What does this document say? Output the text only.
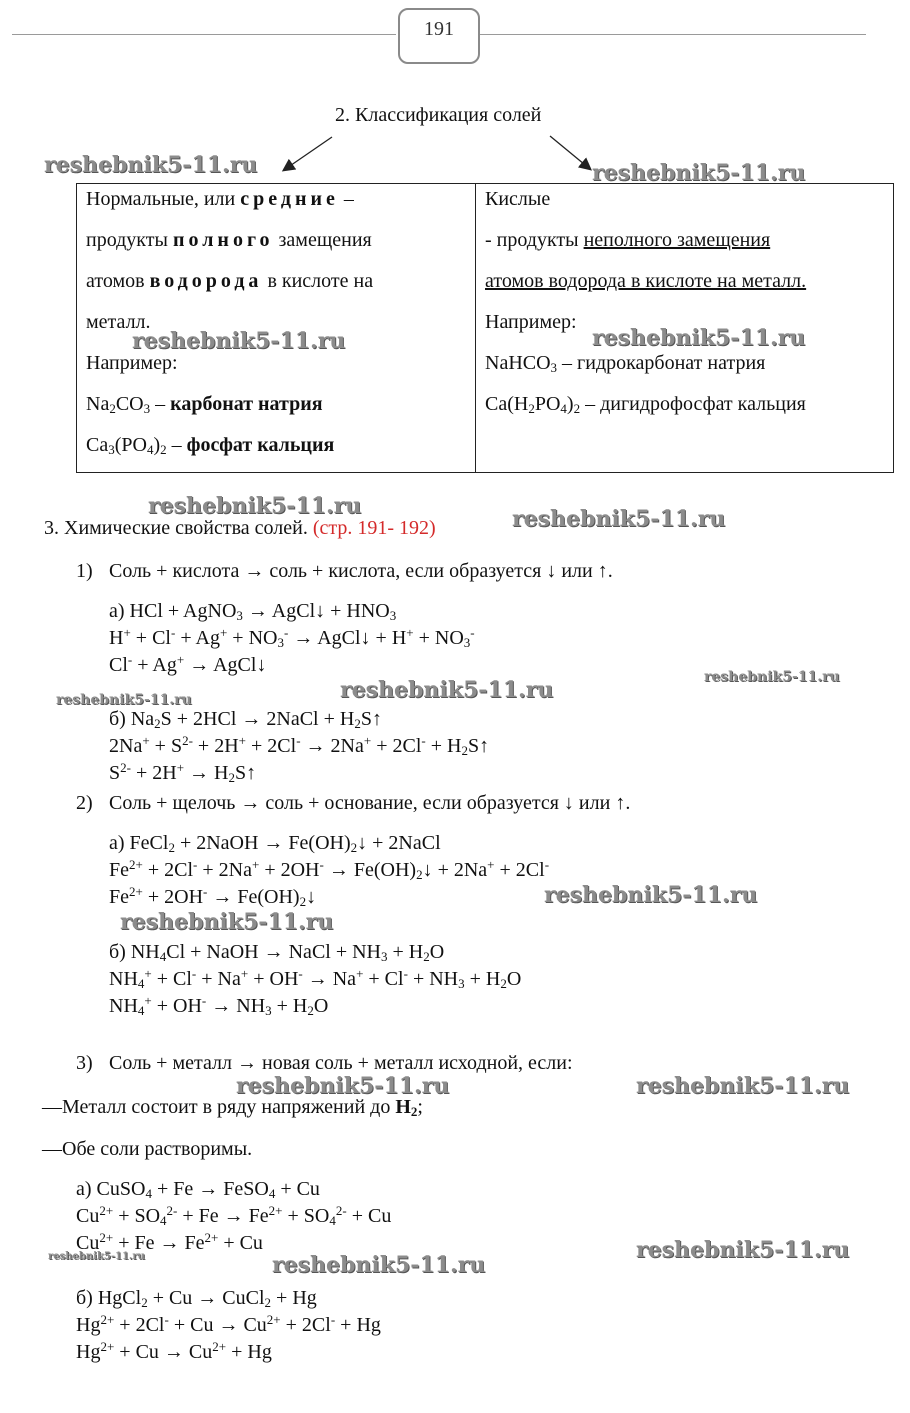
191
2. Классификация солей
Нормальные, или средние –
продукты полного замещения
атомов водорода в кислоте на
металл.
Например:
$Na_2CO_3$ – карбонат натрия
$Ca_3(PO_4)_2$ – фосфат кальция
Кислые
- продукты неполного замещения
атомов водорода в кислоте на металл.
Например:
NaHCO$_3$ – гидрокарбонат натрия
$Ca(H_2PO_4)_2$ – дигидрофосфат кальция
3. Химические свойства солей. (стр. 191- 192)
1) Соль + кислота → соль + кислота, если образуется ↓ или ↑.
а) HCl + AgNO$_3$ → AgCl↓ + $HNO_3$
$H^+ + Cl^- + Ag^+ + NO_3^-$ → AgCl↓ + $H^+ + NO_3^-$
Cl- + Ag+ → AgCl↓
б) $Na_2S + 2HCl$ → 2NaCl + $H_2S↑$
$2Na^+ + S^{2-} + 2H^+ + 2Cl^- \to 2Na^+ + 2Cl^-$ + $H_2S↑$
$S^{2-} + 2H^+$ → $H_2S↑$
2) Соль + щелочь → соль + основание, если образуется ↓ или ↑.
а) FeCl$_2$ + 2NaOH → $Fe(OH)_2↓$ + 2NaCl
$Fe^{2+} + 2Cl^- + 2Na^+ + 2OH^-$ → $Fe(OH)_2↓ + 2Na^+ + 2Cl^-$
$Fe^{2+} + 2OH^-$ → $Fe(OH)_2↓$
б) $NH_4Cl$ + NaOH → NaCl + $NH_3 + H_2O$
$NH_4^+ + Cl^- + Na^+ + OH^- \to Na^+ + Cl^- + NH_3 + H_2O$
$NH_4^+ + OH^- \to NH_3 + H_2O$
3) Соль + металл → новая соль + металл исходной, если:
—Металл состоит в ряду напряжений до $H_2$;
—Обе соли растворимы.
а) CuSO$_4$ + Fe → FeSO$_4$ + Cu
$Cu^{2+} + SO_4^{2-} + Fe \to Fe^{2+} + SO_4^{2-} + Cu$
$Cu^{2+} + Fe \to Fe^{2+} + Cu$
б) HgCl$_2$ + Cu → CuCl$_2$ + Hg
$Hg^{2+} + 2Cl^- + Cu \to Cu^{2+} + 2Cl^- + Hg$
$Hg^{2+} + Cu \to Cu^{2+} + Hg$
reshebnik5-11.ru	reshebnik5-11.ru
reshebnik5-11.ru	reshebnik5-11.ru
reshebnik5-11.ru	reshebnik5-11.ru
reshebnik5-11.ru
reshebnik5-11.ru
reshebnik5-11.ru
reshebnik5-11.ru
reshebnik5-11.ru
reshebnik5-11.ru	reshebnik5-11.ru
reshebnik5-11.ru
reshebnik5-11.ru	reshebnik5-11.ru
